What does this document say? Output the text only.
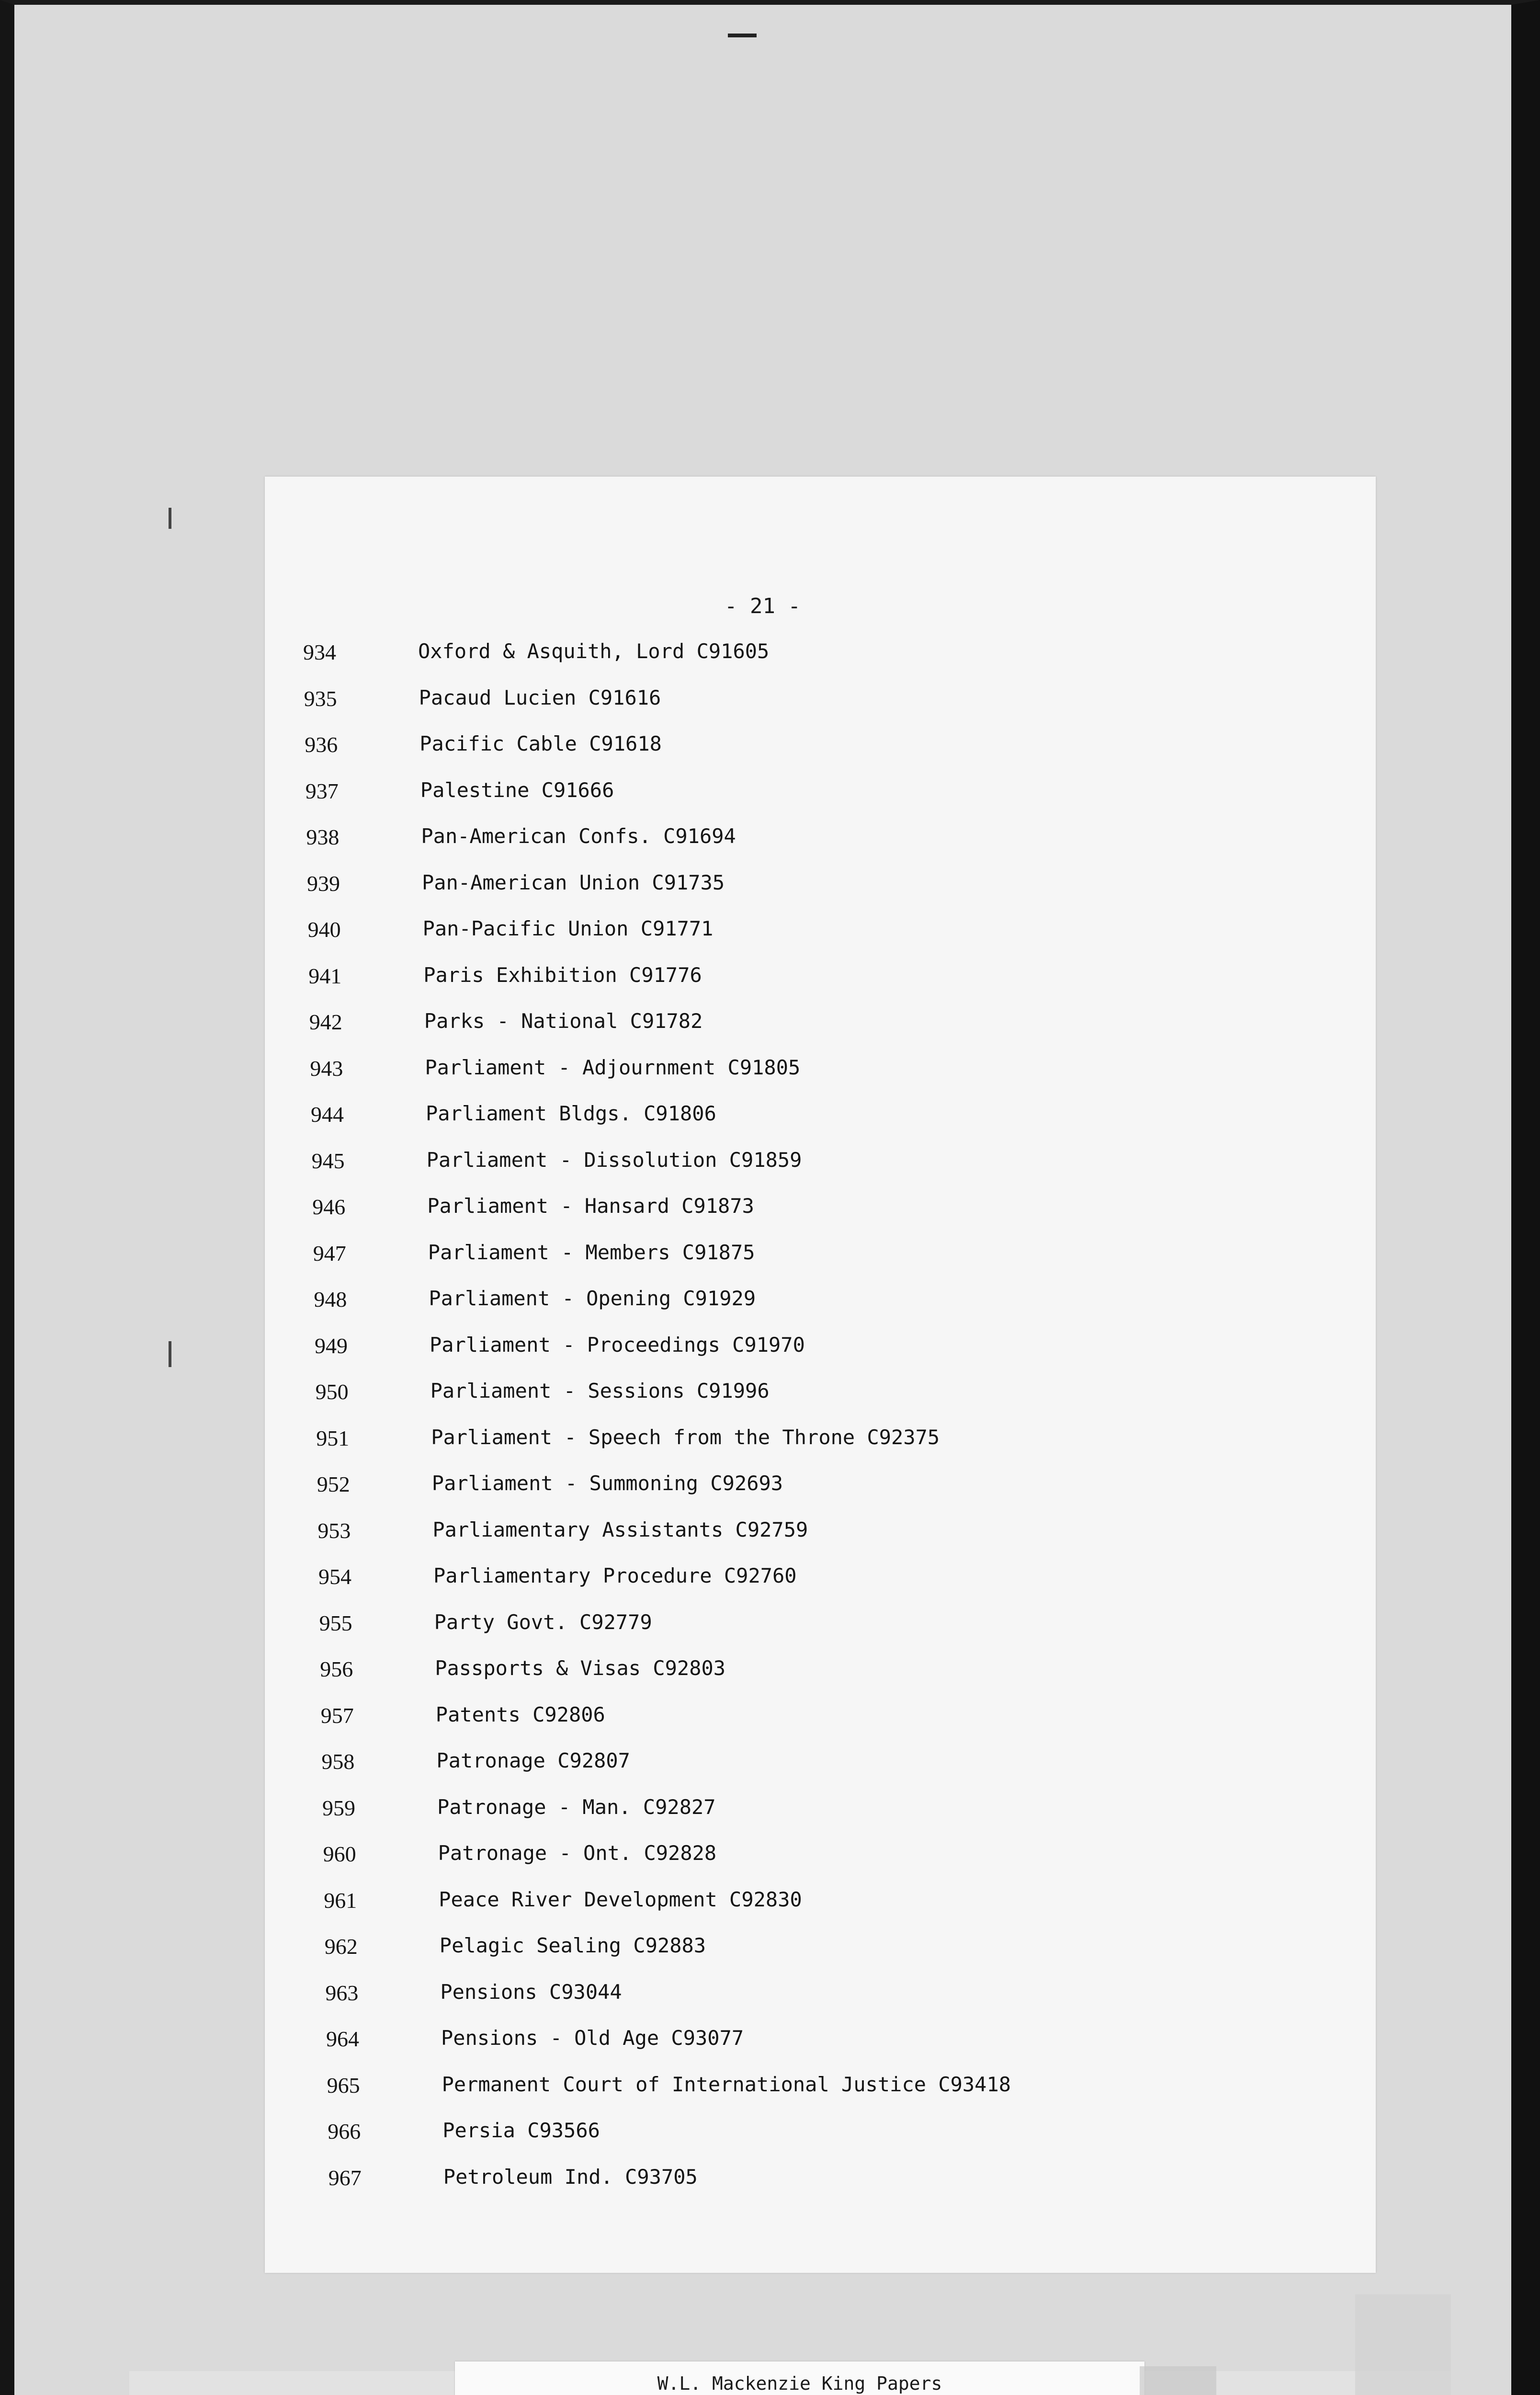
- 21 -
934	Oxford & Asquith, Lord C91605
935	Pacaud Lucien C91616
936	Pacific Cable C91618
937	Palestine C91666
938	Pan-American Confs. C91694
939	Pan-American Union C91735
940	Pan-Pacific Union C91771
941	Paris Exhibition C91776
942	Parks - National C91782
943	Parliament - Adjournment C91805
944	Parliament Bldgs. C91806
945	Parliament - Dissolution C91859
946	Parliament - Hansard C91873
947	Parliament - Members C91875
948	Parliament - Opening C91929
949	Parliament - Proceedings C91970
950	Parliament - Sessions C91996
951	Parliament - Speech from the Throne C92375
952	Parliament - Summoning C92693
953	Parliamentary Assistants C92759
954	Parliamentary Procedure C92760
955	Party Govt. C92779
956	Passports & Visas C92803
957	Patents C92806
958	Patronage C92807
959	Patronage - Man. C92827
960	Patronage - Ont. C92828
961	Peace River Development C92830
962	Pelagic Sealing C92883
963	Pensions C93044
964	Pensions - Old Age C93077
965	Permanent Court of International Justice C93418
966	Persia C93566
967	Petroleum Ind. C93705
W.L. Mackenzie King Papers
